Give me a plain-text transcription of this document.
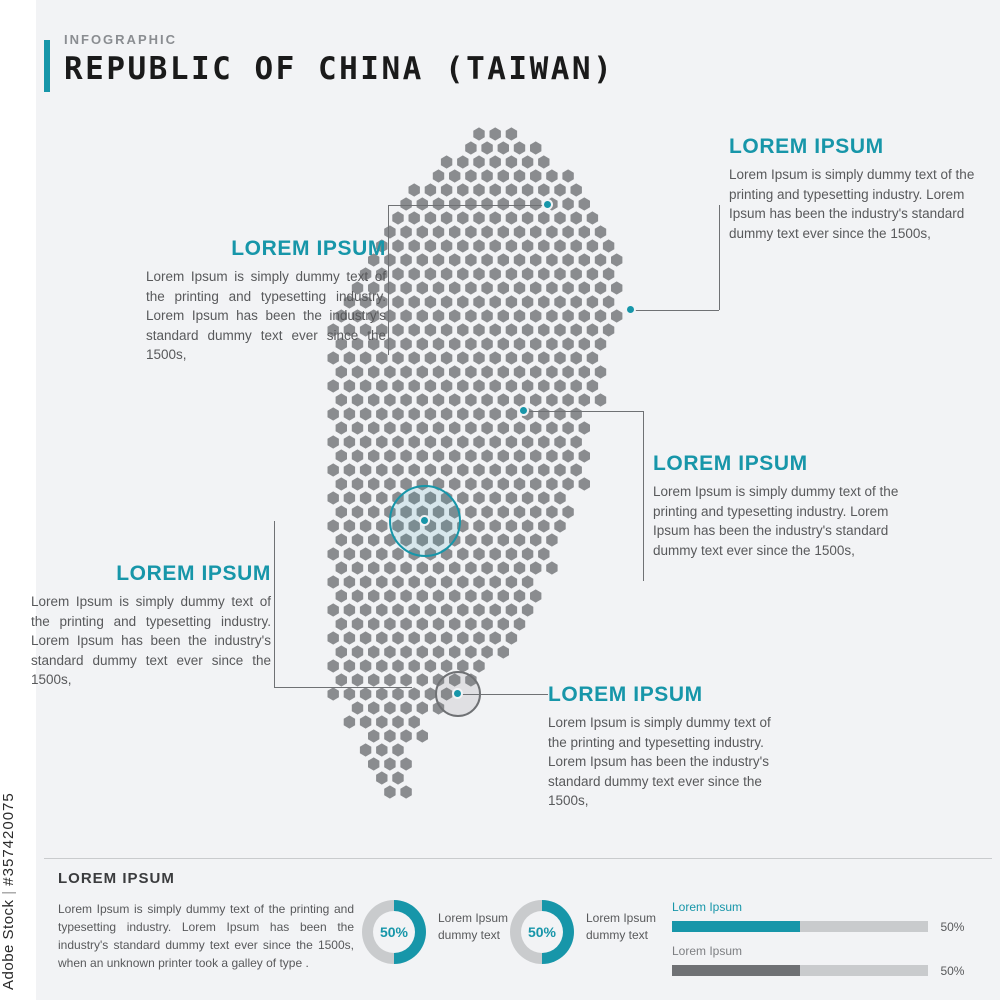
Adobe Stock | #357420075
INFOGRAPHIC
REPUBLIC OF CHINA (TAIWAN)
LOREM IPSUM
Lorem Ipsum is simply dummy text of the printing and typesetting industry. Lorem Ipsum has been the industry's standard dummy text ever since the 1500s,
LOREM IPSUM
Lorem Ipsum is simply dummy text of the printing and typesetting industry. Lorem Ipsum has been the industry's standard dummy text ever since the 1500s,
LOREM IPSUM
Lorem Ipsum is simply dummy text of the printing and typesetting industry. Lorem Ipsum has been the industry's standard dummy text ever since the 1500s,
LOREM IPSUM
Lorem Ipsum is simply dummy text of the printing and typesetting industry. Lorem Ipsum has been the industry's standard dummy text ever since the 1500s,
LOREM IPSUM
Lorem Ipsum is simply dummy text of the printing and typesetting industry. Lorem Ipsum has been the industry's standard dummy text ever since the 1500s,
LOREM IPSUM
Lorem Ipsum is simply dummy text of the printing and typesetting industry. Lorem Ipsum has been the industry's standard dummy text ever since the 1500s, when an unknown printer took a galley of type .
50%
Lorem Ipsum dummy text	50%
Lorem Ipsum dummy text
Lorem Ipsum
50%
Lorem Ipsum
50%
